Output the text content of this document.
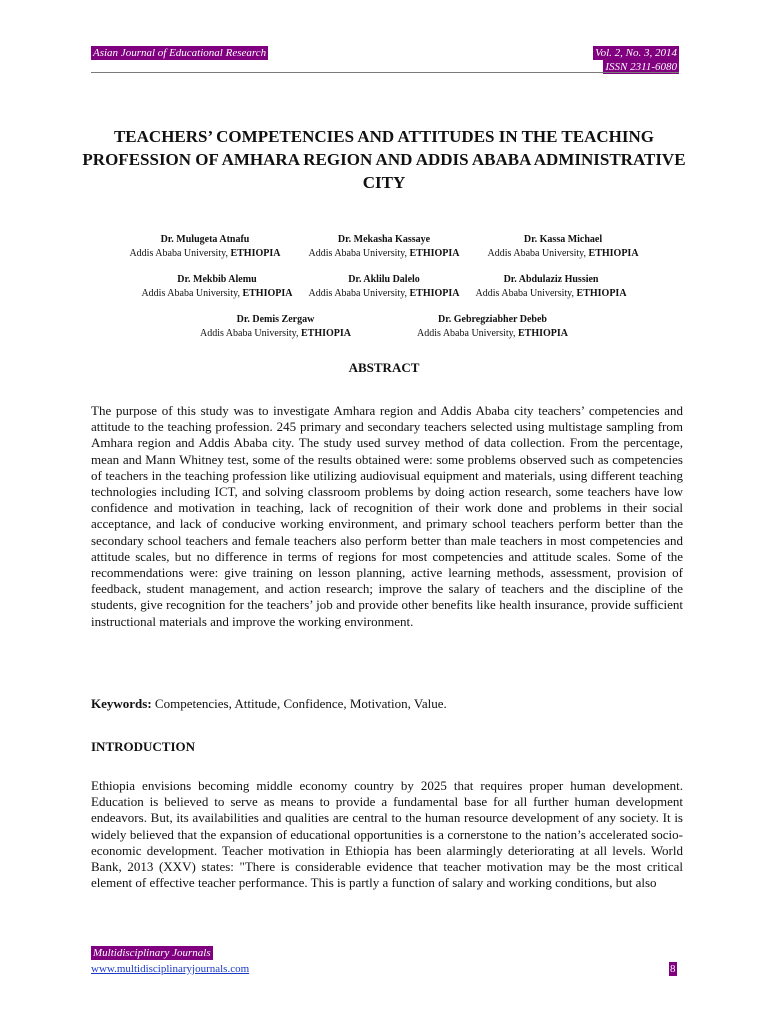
Asian Journal of Educational Research	Vol. 2, No. 3, 2014
ISSN 2311-6080
TEACHERS’ COMPETENCIES AND ATTITUDES IN THE TEACHING PROFESSION OF AMHARA REGION AND ADDIS ABABA ADMINISTRATIVE CITY
Dr. Mulugeta Atnafu
Addis Ababa University, ETHIOPIA
Dr. Mekasha Kassaye
Addis Ababa University, ETHIOPIA
Dr. Kassa Michael
Addis Ababa University, ETHIOPIA
Dr. Mekbib Alemu
Addis Ababa University, ETHIOPIA
Dr. Aklilu Dalelo
Addis Ababa University, ETHIOPIA
Dr. Abdulaziz Hussien
Addis Ababa University, ETHIOPIA
Dr. Demis Zergaw
Addis Ababa University, ETHIOPIA
Dr. Gebregziabher Debeb
Addis Ababa University, ETHIOPIA
ABSTRACT

The purpose of this study was to investigate Amhara region and Addis Ababa city teachers’ competencies and attitude to the teaching profession. 245 primary and secondary teachers selected using multistage sampling from Amhara region and Addis Ababa city. The study used survey method of data collection. From the percentage, mean and Mann Whitney test, some of the results obtained were: some problems observed such as competencies of teachers in the teaching profession like utilizing audiovisual equipment and materials, using different teaching technologies including ICT, and solving classroom problems by doing action research, some teachers have low confidence and motivation in teaching, lack of recognition of their work done and problems in their social acceptance, and lack of conducive working environment, and primary school teachers perform better than the secondary school teachers and female teachers also perform better than male teachers in most competencies and attitude scales, but no difference in terms of regions for most competencies and attitude scales. Some of the recommendations were: give training on lesson planning, active learning methods, assessment, provision of feedback, student management, and action research; improve the salary of teachers and the discipline of the students, give recognition for the teachers’ job and provide other benefits like health insurance, provide sufficient instructional materials and improve the working environment.

Keywords: Competencies, Attitude, Confidence, Motivation, Value.

INTRODUCTION

Ethiopia envisions becoming middle economy country by 2025 that requires proper human development. Education is believed to serve as means to provide a fundamental base for all further human development endeavors. But, its availabilities and qualities are central to the human resource development of any society. It is widely believed that the expansion of educational opportunities is a cornerstone to the nation’s accelerated socio-economic development. Teacher motivation in Ethiopia has been alarmingly deteriorating at all levels. World Bank, 2013 (XXV) states: "There is considerable evidence that teacher motivation may be the most critical element of effective teacher performance. This is partly a function of salary and working conditions, but also

Multidisciplinary Journals
www.multidisciplinaryjournals.com	8
